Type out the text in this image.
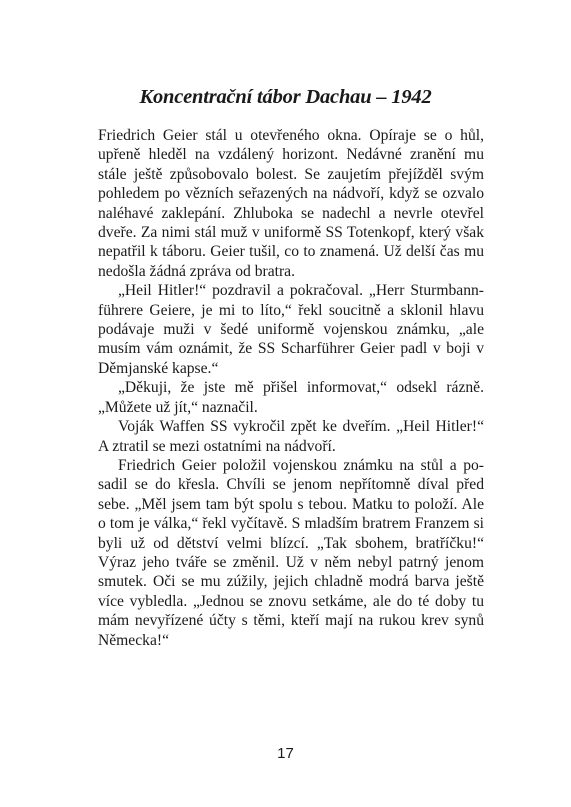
Koncentrační tábor Dachau – 1942

Friedrich Geier stál u otevřeného okna. Opíraje se o hůl, upřeně hleděl na vzdálený horizont. Nedávné zranění mu stále ještě způsobovalo bolest. Se zaujetím přejížděl svým pohledem po vězních seřazených na nádvoří, když se ozvalo naléhavé zaklepání. Zhluboka se nadechl a nevrle otevřel dveře. Za nimi stál muž v uniformě SS Totenkopf, který však nepatřil k táboru. Geier tušil, co to znamená. Už delší čas mu nedošla žádná zpráva od bratra.

„Heil Hitler!“ pozdravil a pokračoval. „Herr Sturmbannführere Geiere, je mi to líto,“ řekl soucitně a sklonil hlavu podávaje muži v šedé uniformě vojenskou známku, „ale musím vám oznámit, že SS Scharführer Geier padl v boji v Děmjanské kapse.“

„Děkuji, že jste mě přišel informovat,“ odsekl rázně. „Můžete už jít,“ naznačil.

Voják Waffen SS vykročil zpět ke dveřím. „Heil Hitler!“ A ztratil se mezi ostatními na nádvoří.

Friedrich Geier položil vojenskou známku na stůl a posadil se do křesla. Chvíli se jenom nepřítomně díval před sebe. „Měl jsem tam být spolu s tebou. Matku to položí. Ale o tom je válka,“ řekl vyčítavě. S mladším bratrem Franzem si byli už od dětství velmi blízcí. „Tak sbohem, bratříčku!“ Výraz jeho tváře se změnil. Už v něm nebyl patrný jenom smutek. Oči se mu zúžily, jejich chladně modrá barva ještě více vybledla. „Jednou se znovu setkáme, ale do té doby tu mám nevyřízené účty s těmi, kteří mají na rukou krev synů Německa!“

17
